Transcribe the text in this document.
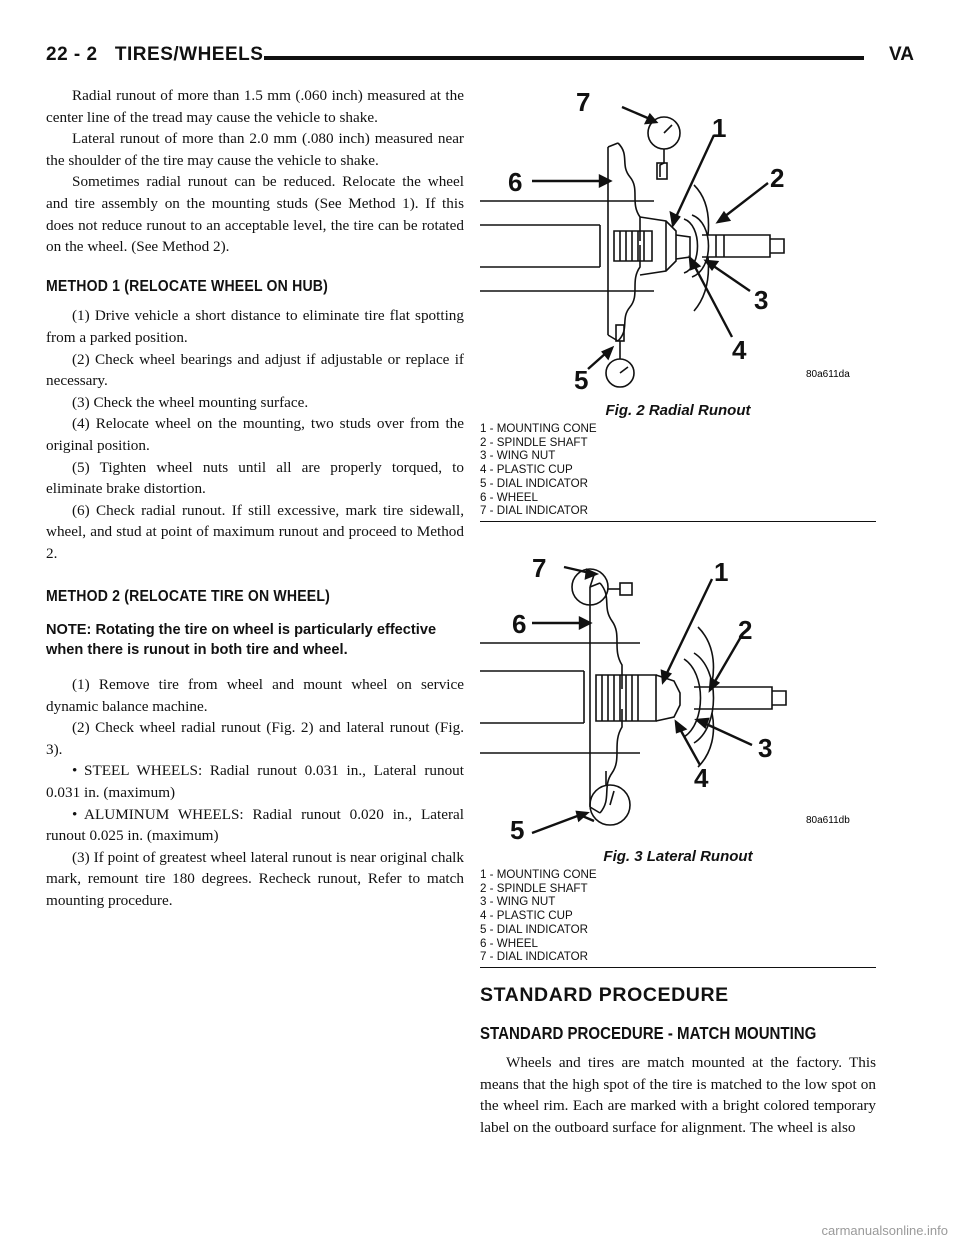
22 - 2   TIRES/WHEELS	VA

Radial runout of more than 1.5 mm (.060 inch) measured at the center line of the tread may cause the vehicle to shake.

Lateral runout of more than 2.0 mm (.080 inch) measured near the shoulder of the tire may cause the vehicle to shake.

Sometimes radial runout can be reduced. Relocate the wheel and tire assembly on the mounting studs (See Method 1). If this does not reduce runout to an acceptable level, the tire can be rotated on the wheel. (See Method 2).

METHOD 1 (RELOCATE WHEEL ON HUB)

(1) Drive vehicle a short distance to eliminate tire flat spotting from a parked position.

(2) Check wheel bearings and adjust if adjustable or replace if necessary.

(3) Check the wheel mounting surface.

(4) Relocate wheel on the mounting, two studs over from the original position.

(5) Tighten wheel nuts until all are properly torqued, to eliminate brake distortion.

(6) Check radial runout. If still excessive, mark tire sidewall, wheel, and stud at point of maximum runout and proceed to Method 2.

METHOD 2 (RELOCATE TIRE ON WHEEL)

NOTE: Rotating the tire on wheel is particularly effective when there is runout in both tire and wheel.

(1) Remove tire from wheel and mount wheel on service dynamic balance machine.

(2) Check wheel radial runout (Fig. 2) and lateral runout (Fig. 3).

• STEEL WHEELS: Radial runout 0.031 in., Lateral runout 0.031 in. (maximum)

• ALUMINUM WHEELS: Radial runout 0.020 in., Lateral runout 0.025 in. (maximum)

(3) If point of greatest wheel lateral runout is near original chalk mark, remount tire 180 degrees. Recheck runout, Refer to match mounting procedure.

7
1
6	2
3
4
5	80a611da
Fig. 2 Radial Runout
1 - MOUNTING CONE
2 - SPINDLE SHAFT
3 - WING NUT
4 - PLASTIC CUP
5 - DIAL INDICATOR
6 - WHEEL
7 - DIAL INDICATOR
7	1
6	2
3
4
5	80a611db
Fig. 3 Lateral Runout
1 - MOUNTING CONE
2 - SPINDLE SHAFT
3 - WING NUT
4 - PLASTIC CUP
5 - DIAL INDICATOR
6 - WHEEL
7 - DIAL INDICATOR

STANDARD PROCEDURE

STANDARD PROCEDURE - MATCH MOUNTING

Wheels and tires are match mounted at the factory. This means that the high spot of the tire is matched to the low spot on the wheel rim. Each are marked with a bright colored temporary label on the outboard surface for alignment. The wheel is also

carmanualsonline.info
